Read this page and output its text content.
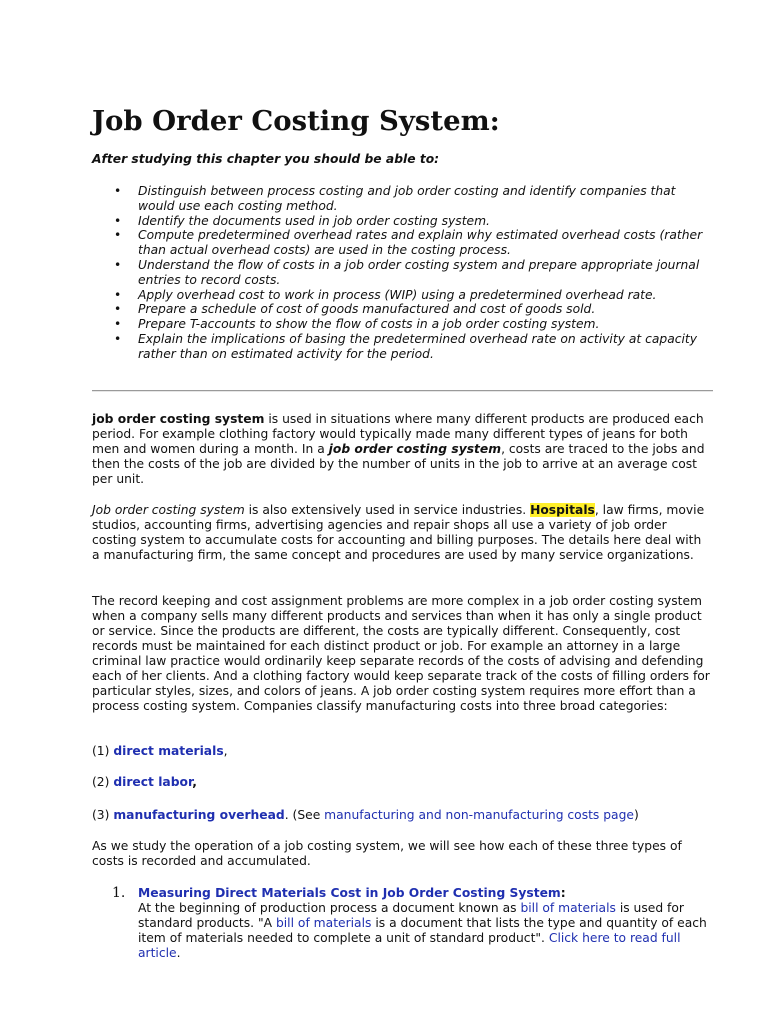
Job Order Costing System:

After studying this chapter you should be able to:

• Distinguish between process costing and job order costing and identify companies that would use each costing method.
• Identify the documents used in job order costing system.
• Compute predetermined overhead rates and explain why estimated overhead costs (rather than actual overhead costs) are used in the costing process.
• Understand the flow of costs in a job order costing system and prepare appropriate journal entries to record costs.
• Apply overhead cost to work in process (WIP) using a predetermined overhead rate.
• Prepare a schedule of cost of goods manufactured and cost of goods sold.
• Prepare T-accounts to show the flow of costs in a job order costing system.
• Explain the implications of basing the predetermined overhead rate on activity at capacity rather than on estimated activity for the period.

job order costing system is used in situations where many different products are produced each period. For example clothing factory would typically made many different types of jeans for both men and women during a month. In a job order costing system, costs are traced to the jobs and then the costs of the job are divided by the number of units in the job to arrive at an average cost per unit.

Job order costing system is also extensively used in service industries. Hospitals, law firms, movie studios, accounting firms, advertising agencies and repair shops all use a variety of job order costing system to accumulate costs for accounting and billing purposes. The details here deal with a manufacturing firm, the same concept and procedures are used by many service organizations.

The record keeping and cost assignment problems are more complex in a job order costing system when a company sells many different products and services than when it has only a single product or service. Since the products are different, the costs are typically different. Consequently, cost records must be maintained for each distinct product or job. For example an attorney in a large criminal law practice would ordinarily keep separate records of the costs of advising and defending each of her clients. And a clothing factory would keep separate track of the costs of filling orders for particular styles, sizes, and colors of jeans. A job order costing system requires more effort than a process costing system. Companies classify manufacturing costs into three broad categories:

(1) direct materials,

(2) direct labor,

(3) manufacturing overhead. (See manufacturing and non-manufacturing costs page)

As we study the operation of a job costing system, we will see how each of these three types of costs is recorded and accumulated.

1. Measuring Direct Materials Cost in Job Order Costing System:
At the beginning of production process a document known as bill of materials is used for standard products. "A bill of materials is a document that lists the type and quantity of each item of materials needed to complete a unit of standard product". Click here to read full article.
